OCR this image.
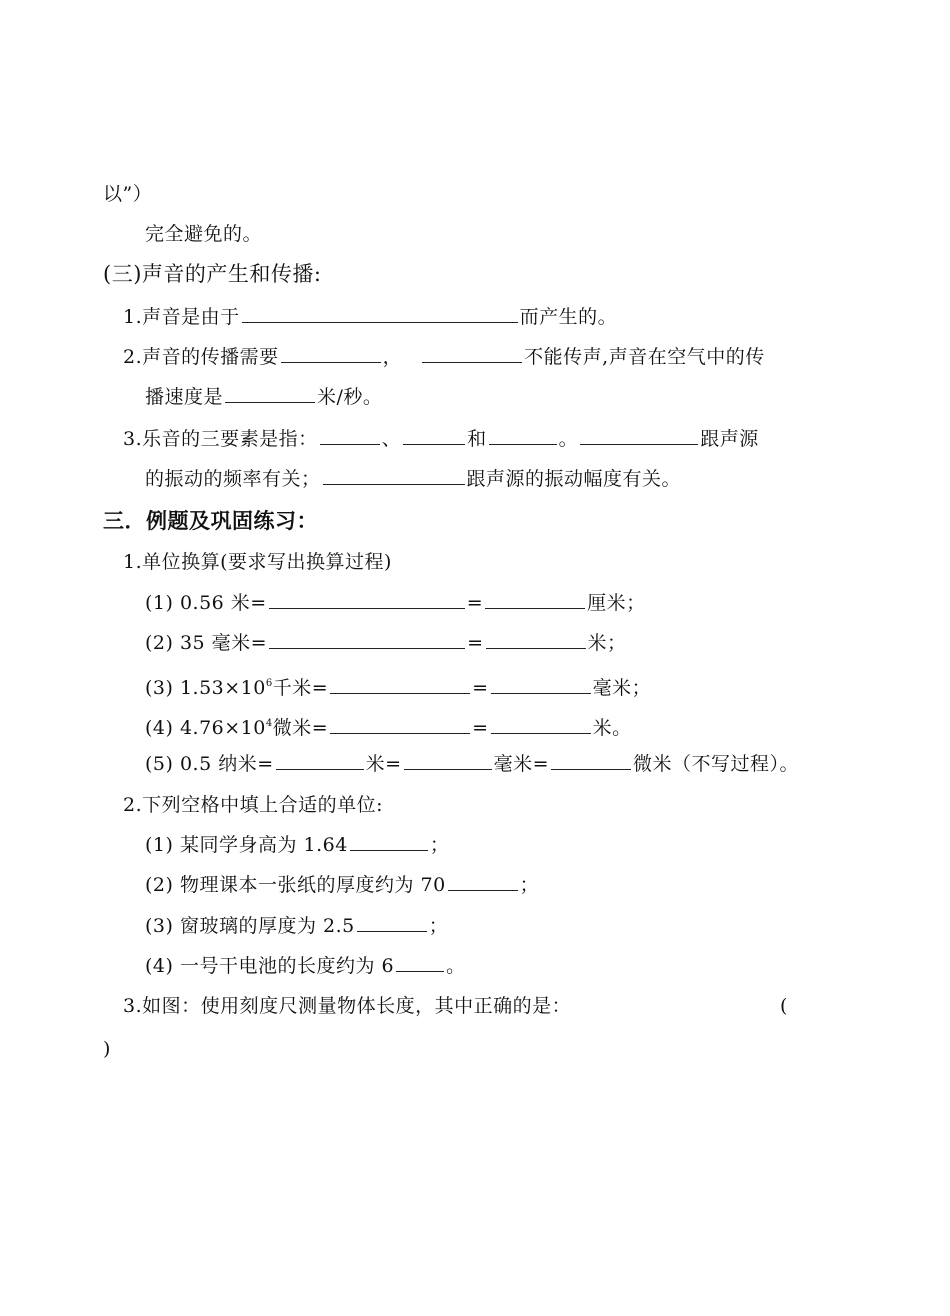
以”）
完全避免的。
(三)声音的产生和传播:
1.声音是由于	而产生的。
2.声音的传播需要	，	不能传声,声音在空气中的传
播速度是	米/秒。
3.乐音的三要素是指：	、	和	。	跟声源
的振动的频率有关；	跟声源的振动幅度有关。
三．例题及巩固练习：
1.单位换算(要求写出换算过程)
(1) 0.56 米=	=	厘米；
(2) 35 毫米=	=	米；
(3) $1.53\times 10^6$千米=	=	毫米；
(4) $4.76\times 10^4$微米=	=	米。
(5) 0.5 纳米=	米=	毫米=	微米（不写过程）。
2.下列空格中填上合适的单位:
(1) 某同学身高为 1.64	；
(2) 物理课本一张纸的厚度约为 70	；
(3) 窗玻璃的厚度为 2.5	；
(4) 一号干电池的长度约为 6	。
3.如图：使用刻度尺测量物体长度，其中正确的是：	(
)
